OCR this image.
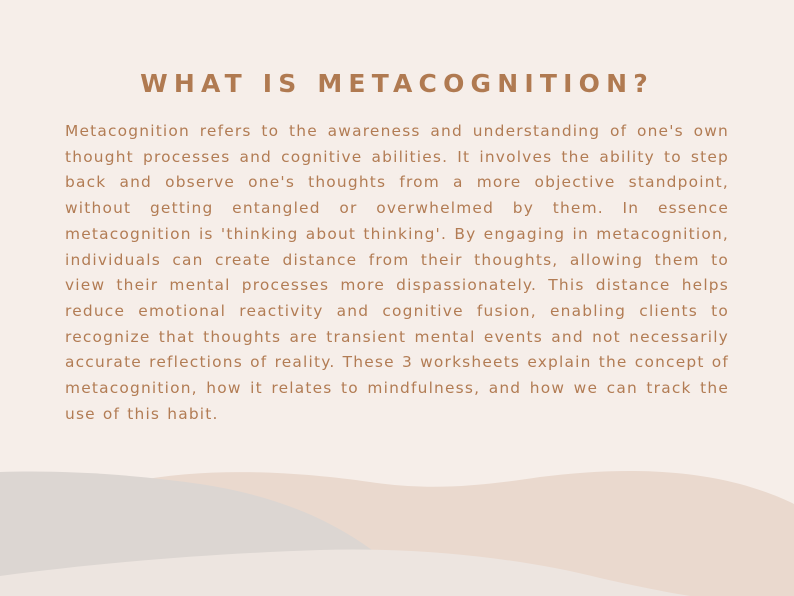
WHAT IS METACOGNITION?

Metacognition refers to the awareness and understanding of one's own thought processes and cognitive abilities. It involves the ability to step back and observe one's thoughts from a more objective standpoint, without getting entangled or overwhelmed by them. In essence metacognition is 'thinking about thinking'. By engaging in metacognition, individuals can create distance from their thoughts, allowing them to view their mental processes more dispassionately. This distance helps reduce emotional reactivity and cognitive fusion, enabling clients to recognize that thoughts are transient mental events and not necessarily accurate reflections of reality. These 3 worksheets explain the concept of metacognition, how it relates to mindfulness, and how we can track the use of this habit.
